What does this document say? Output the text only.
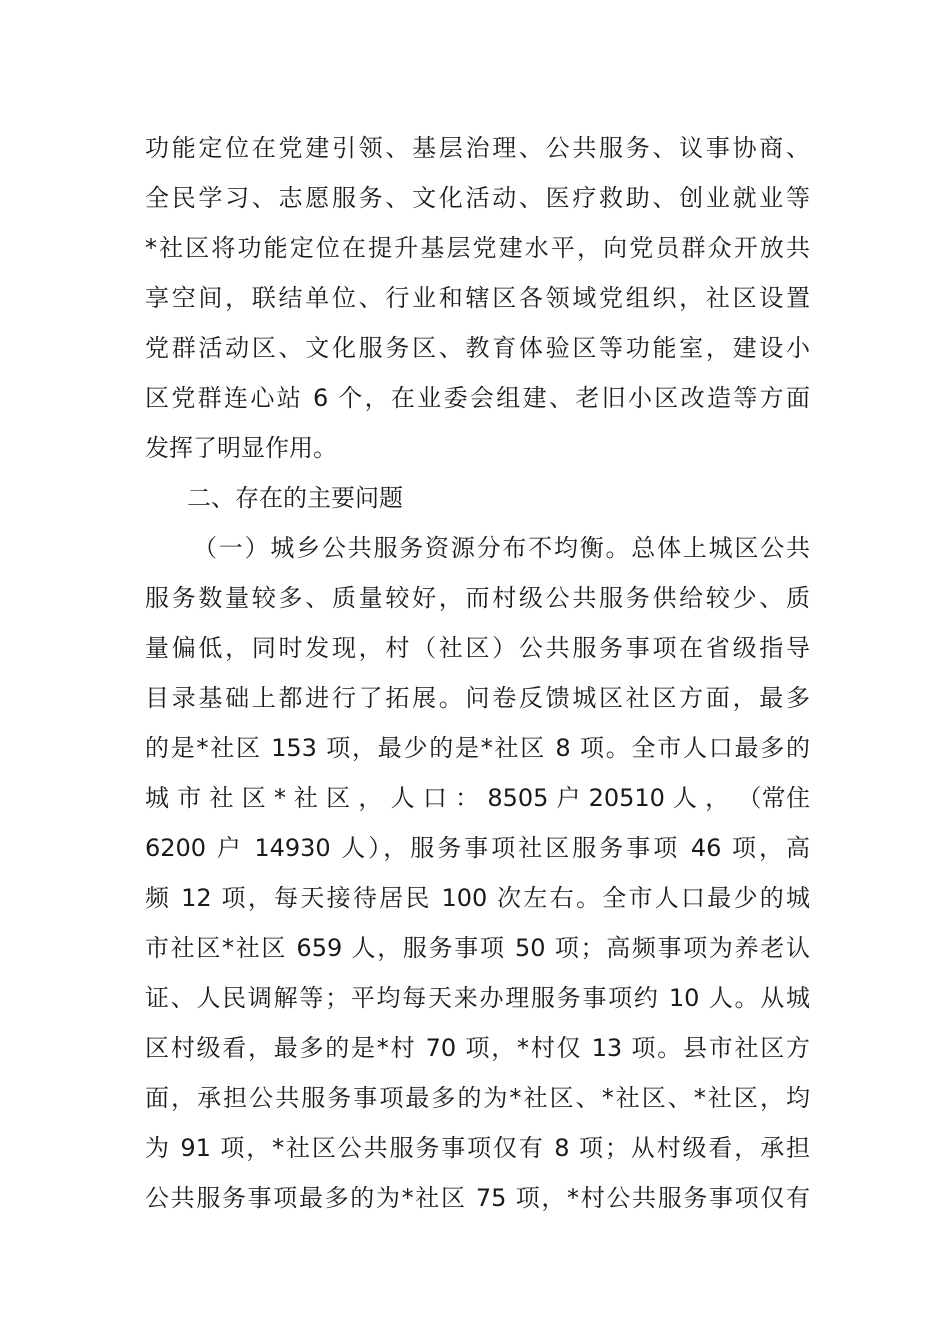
功能定位在党建引领、基层治理、公共服务、议事协商、
全民学习、志愿服务、文化活动、医疗救助、创业就业等
*社区将功能定位在提升基层党建水平，向党员群众开放共
享空间，联结单位、行业和辖区各领域党组织，社区设置
党群活动区、文化服务区、教育体验区等功能室，建设小
区党群连心站 6 个，在业委会组建、老旧小区改造等方面
发挥了明显作用。
二、存在的主要问题
（一）城乡公共服务资源分布不均衡。总体上城区公共
服务数量较多、质量较好，而村级公共服务供给较少、质
量偏低，同时发现，村（社区）公共服务事项在省级指导
目录基础上都进行了拓展。问卷反馈城区社区方面，最多
的是*社区 153 项，最少的是*社区 8 项。全市人口最多的
城 市 社 区 * 社 区 ， 人 口 ： 8505 户 20510 人 ， （常住
6200 户 14930 人），服务事项社区服务事项 46 项，高
频 12 项，每天接待居民 100 次左右。全市人口最少的城
市社区*社区 659 人，服务事项 50 项；高频事项为养老认
证、人民调解等；平均每天来办理服务事项约 10 人。从城
区村级看，最多的是*村 70 项，*村仅 13 项。县市社区方
面，承担公共服务事项最多的为*社区、*社区、*社区，均
为 91 项，*社区公共服务事项仅有 8 项；从村级看，承担
公共服务事项最多的为*社区 75 项，*村公共服务事项仅有
